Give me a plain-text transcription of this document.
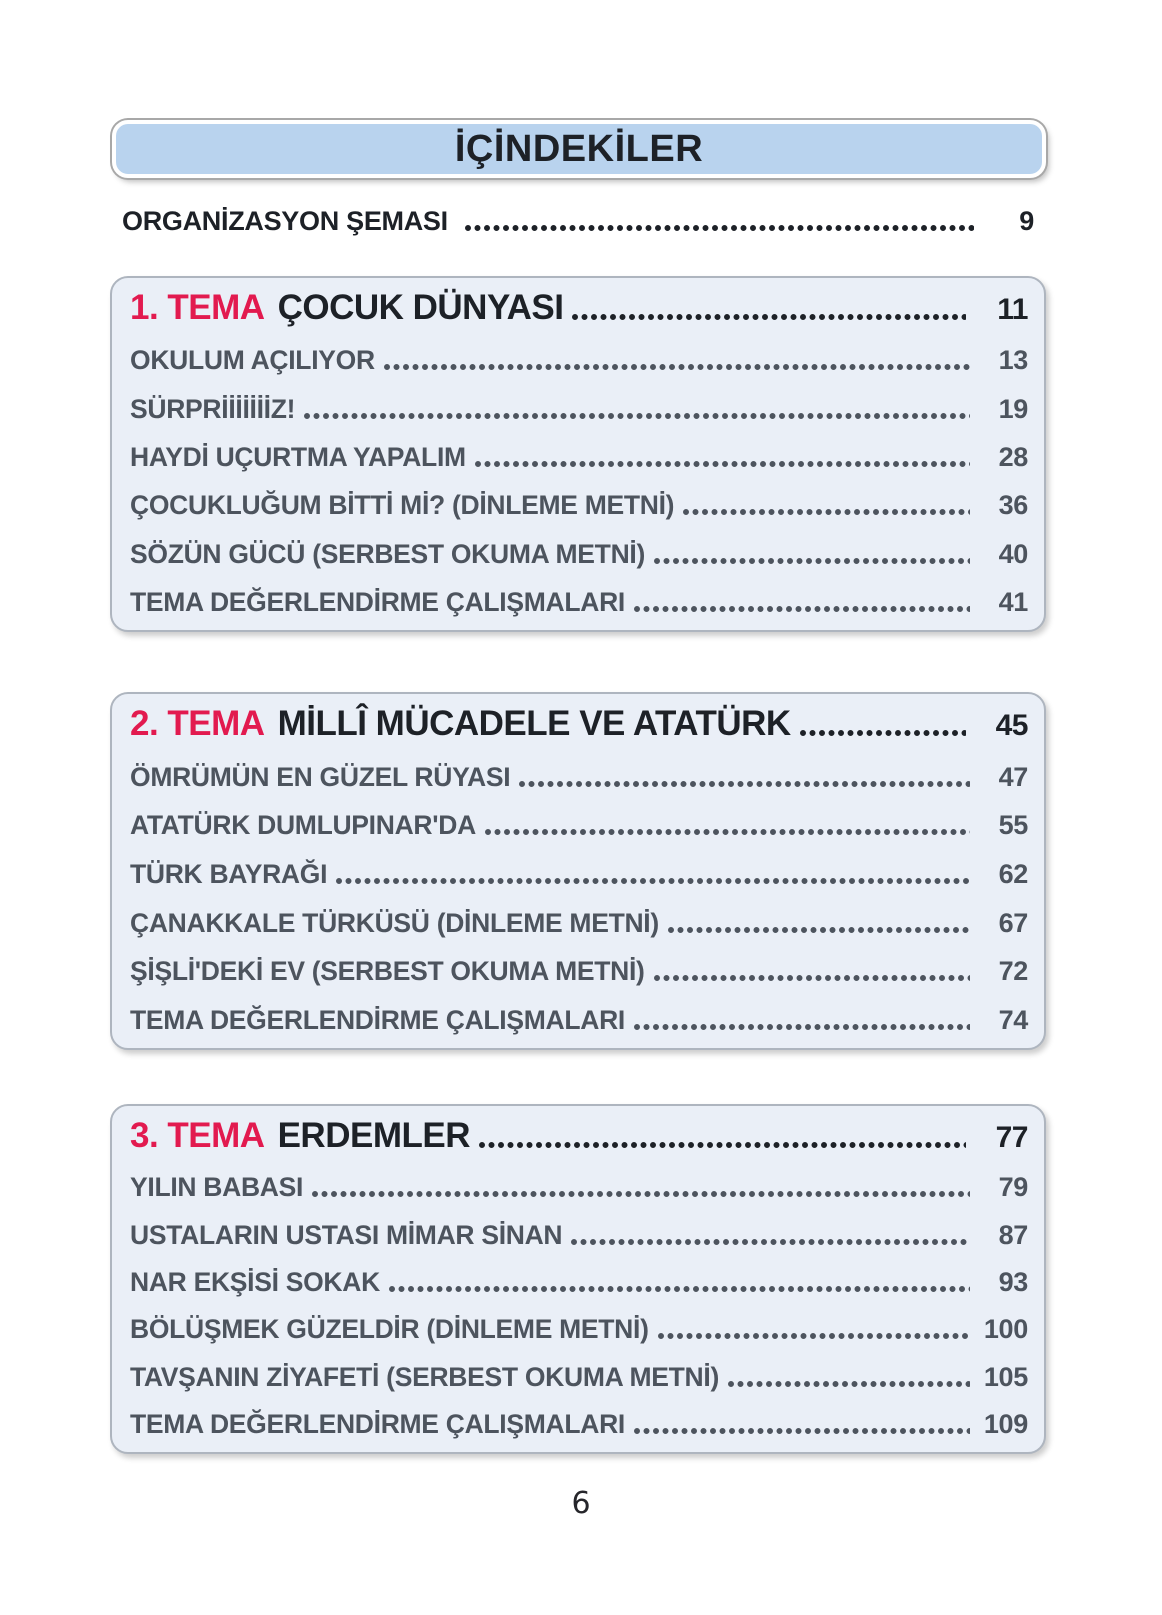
İÇİNDEKİLER
ORGANİZASYON ŞEMASI	9
1. TEMA ÇOCUK DÜNYASI	11
OKULUM AÇILIYOR	13
SÜRPRİİİİİİİZ!	19
HAYDİ UÇURTMA YAPALIM	28
ÇOCUKLUĞUM BİTTİ Mİ? (DİNLEME METNİ)	36
SÖZÜN GÜCÜ (SERBEST OKUMA METNİ)	40
TEMA DEĞERLENDİRME ÇALIŞMALARI	41
2. TEMA MİLLÎ MÜCADELE VE ATATÜRK	45
ÖMRÜMÜN EN GÜZEL RÜYASI	47
ATATÜRK DUMLUPINAR'DA	55
TÜRK BAYRAĞI	62
ÇANAKKALE TÜRKÜSÜ (DİNLEME METNİ)	67
ŞİŞLİ'DEKİ EV (SERBEST OKUMA METNİ)	72
TEMA DEĞERLENDİRME ÇALIŞMALARI	74
3. TEMA ERDEMLER	77
YILIN BABASI	79
USTALARIN USTASI MİMAR SİNAN	87
NAR EKŞİSİ SOKAK	93
BÖLÜŞMEK GÜZELDİR (DİNLEME METNİ)	100
TAVŞANIN ZİYAFETİ (SERBEST OKUMA METNİ)	105
TEMA DEĞERLENDİRME ÇALIŞMALARI	109
6
